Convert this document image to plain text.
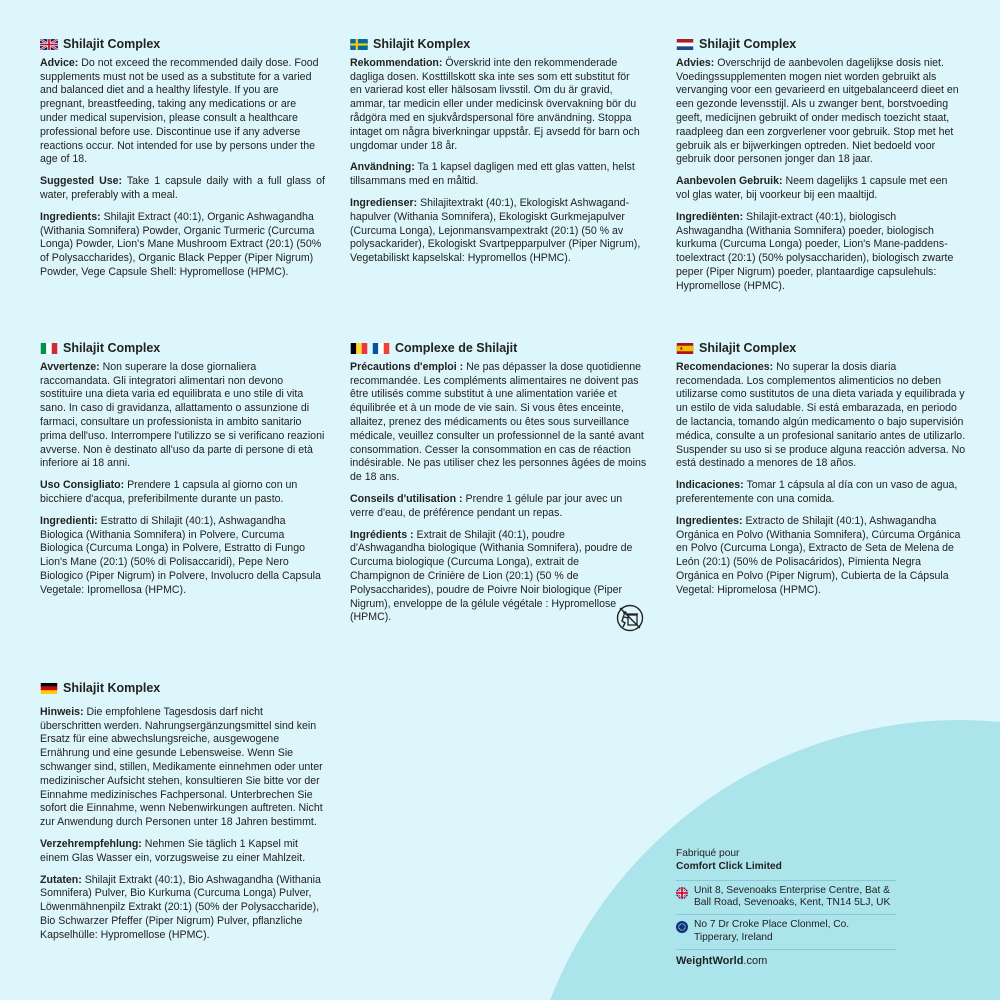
Shilajit Complex

Advice: Do not exceed the recommended daily dose. Food supplements must not be used as a substitute for a varied and balanced diet and a healthy lifestyle. If you are pregnant, breastfeeding, taking any medications or are under medical supervision, please consult a healthcare professional before use. Discontinue use if any adverse reactions occur. Not intended for use by persons under the age of 18.

Suggested Use: Take 1 capsule daily with a full glass of water, preferably with a meal.

Ingredients: Shilajit Extract (40:1), Organic Ashwagandha (Withania Somnifera) Powder, Organic Turmeric (Curcuma Longa) Powder, Lion's Mane Mushroom Extract (20:1) (50% of Polysaccharides), Organic Black Pepper (Piper Nigrum) Powder, Vege Capsule Shell: Hypromellose (HPMC).

Shilajit Komplex

Rekommendation: Överskrid inte den rekommenderade dagliga dosen. Kosttillskott ska inte ses som ett substitut för en varierad kost eller hälsosam livsstil. Om du är gravid, ammar, tar medicin eller under medicinsk övervakning bör du rådgöra med en sjukvårdspersonal före användning. Stoppa intaget om några biverkningar uppstår. Ej avsedd för barn och ungdomar under 18 år.

Användning: Ta 1 kapsel dagligen med ett glas vatten, helst tillsammans med en måltid.

Ingredienser: Shilajitextrakt (40:1), Ekologiskt Ashwagand-hapulver (Withania Somnifera), Ekologiskt Gurkmejapulver (Curcuma Longa), Lejonmansvampextrakt (20:1) (50 % av polysackarider), Ekologiskt Svartpepparpulver (Piper Nigrum), Vegetabiliskt kapselskal: Hypromellos (HPMC).

Shilajit Complex

Advies: Overschrijd de aanbevolen dagelijkse dosis niet. Voedingssupplementen mogen niet worden gebruikt als vervanging voor een gevarieerd en uitgebalanceerd dieet en een gezonde levensstijl. Als u zwanger bent, borstvoeding geeft, medicijnen gebruikt of onder medisch toezicht staat, raadpleeg dan een zorgverlener voor gebruik. Stop met het gebruik als er bijwerkingen optreden. Niet bedoeld voor gebruik door personen jonger dan 18 jaar.

Aanbevolen Gebruik: Neem dagelijks 1 capsule met een vol glas water, bij voorkeur bij een maaltijd.

Ingrediënten: Shilajit-extract (40:1), biologisch Ashwagandha (Withania Somnifera) poeder, biologisch kurkuma (Curcuma Longa) poeder, Lion's Mane-paddens-toelextract (20:1) (50% polysacchariden), biologisch zwarte peper (Piper Nigrum) poeder, plantaardige capsulehuls: Hypromellose (HPMC).

Shilajit Complex

Avvertenze: Non superare la dose giornaliera raccomandata. Gli integratori alimentari non devono sostituire una dieta varia ed equilibrata e uno stile di vita sano. In caso di gravidanza, allattamento o assunzione di farmaci, consultare un professionista in ambito sanitario prima dell'uso. Interrompere l'utilizzo se si verificano reazioni avverse. Non è destinato all'uso da parte di persone di età inferiore ai 18 anni.

Uso Consigliato: Prendere 1 capsula al giorno con un bicchiere d'acqua, preferibilmente durante un pasto.

Ingredienti: Estratto di Shilajit (40:1), Ashwagandha Biologica (Withania Somnifera) in Polvere, Curcuma Biologica (Curcuma Longa) in Polvere, Estratto di Fungo Lion's Mane (20:1) (50% di Polisaccaridi), Pepe Nero Biologico (Piper Nigrum) in Polvere, Involucro della Capsula Vegetale: Ipromellosa (HPMC).

Complexe de Shilajit

Précautions d'emploi : Ne pas dépasser la dose quotidienne recommandée. Les compléments alimentaires ne doivent pas être utilisés comme substitut à une alimentation variée et équilibrée et à un mode de vie sain. Si vous êtes enceinte, allaitez, prenez des médicaments ou êtes sous surveillance médicale, veuillez consulter un professionnel de la santé avant consommation. Cesser la consommation en cas de réaction indésirable. Ne pas utiliser chez les personnes âgées de moins de 18 ans.

Conseils d'utilisation : Prendre 1 gélule par jour avec un verre d'eau, de préférence pendant un repas.

Ingrédients : Extrait de Shilajit (40:1), poudre d'Ashwagandha biologique (Withania Somnifera), poudre de Curcuma biologique (Curcuma Longa), extrait de Champignon de Crinière de Lion (20:1) (50 % de Polysaccharides), poudre de Poivre Noir biologique (Piper Nigrum), enveloppe de la gélule végétale : Hypromellose (HPMC).

Shilajit Complex

Recomendaciones: No superar la dosis diaria recomendada. Los complementos alimenticios no deben utilizarse como sustitutos de una dieta variada y equilibrada y un estilo de vida saludable. Si está embarazada, en periodo de lactancia, tomando algún medicamento o bajo supervisión médica, consulte a un profesional sanitario antes de utilizarlo. Suspender su uso si se produce alguna reacción adversa. No está destinado a menores de 18 años.

Indicaciones: Tomar 1 cápsula al día con un vaso de agua, preferentemente con una comida.

Ingredientes: Extracto de Shilajit (40:1), Ashwagandha Orgánica en Polvo (Withania Somnifera), Cúrcuma Orgánica en Polvo (Curcuma Longa), Extracto de Seta de Melena de León (20:1) (50% de Polisacáridos), Pimienta Negra Orgánica en Polvo (Piper Nigrum), Cubierta de la Cápsula Vegetal: Hipromelosa (HPMC).

Shilajit Komplex

Hinweis: Die empfohlene Tagesdosis darf nicht überschritten werden. Nahrungsergänzungsmittel sind kein Ersatz für eine abwechslungsreiche, ausgewogene Ernährung und eine gesunde Lebensweise. Wenn Sie schwanger sind, stillen, Medikamente einnehmen oder unter medizinischer Aufsicht stehen, konsultieren Sie bitte vor der Einnahme medizinisches Fachpersonal. Unterbrechen Sie sofort die Einnahme, wenn Nebenwirkungen auftreten. Nicht zur Anwendung durch Personen unter 18 Jahren bestimmt.

Verzehrempfehlung: Nehmen Sie täglich 1 Kapsel mit einem Glas Wasser ein, vorzugsweise zu einer Mahlzeit.

Zutaten: Shilajit Extrakt (40:1), Bio Ashwagandha (Withania Somnifera) Pulver, Bio Kurkuma (Curcuma Longa) Pulver, Löwenmähnenpilz Extrakt (20:1) (50% der Polysaccharide), Bio Schwarzer Pfeffer (Piper Nigrum) Pulver, pflanzliche Kapselhülle: Hypromellose (HPMC).

Fabriqué pour
Comfort Click Limited
Unit 8, Sevenoaks Enterprise Centre, Bat & Ball Road, Sevenoaks, Kent, TN14 5LJ, UK
No 7 Dr Croke Place Clonmel, Co. Tipperary, Ireland
WeightWorld.com
